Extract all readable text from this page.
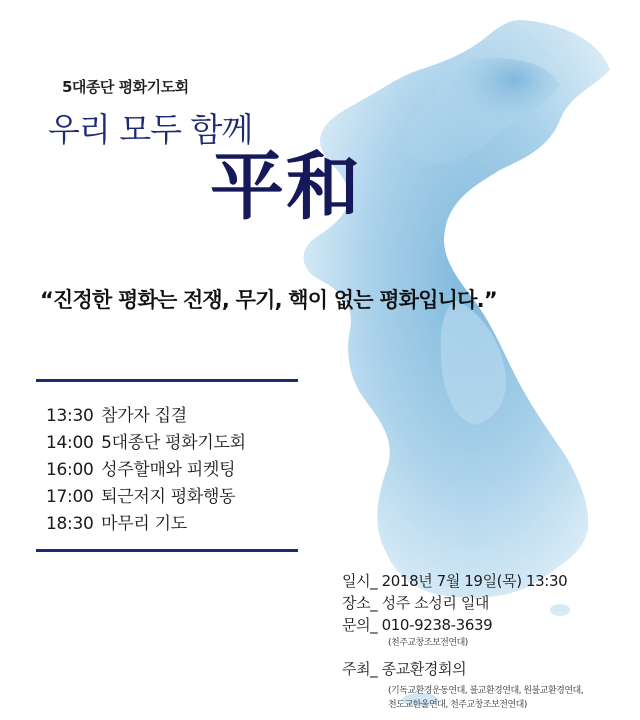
5대종단 평화기도회
우리 모두 함께
平和
“진정한 평화는 전쟁, 무기, 핵이 없는 평화입니다.”
13:30 참가자 집결
14:00 5대종단 평화기도회
16:00 성주할매와 피켓팅
17:00 퇴근저지 평화행동
18:30 마무리 기도
일시_ 2018년 7월 19일(목) 13:30
장소_ 성주 소성리 일대
문의_ 010-9238-3639
(천주교창조보전연대)
주최_ 종교환경회의
(기독교환경운동연대, 불교환경연대, 원불교환경연대,
천도교한울연대, 천주교창조보전연대)
